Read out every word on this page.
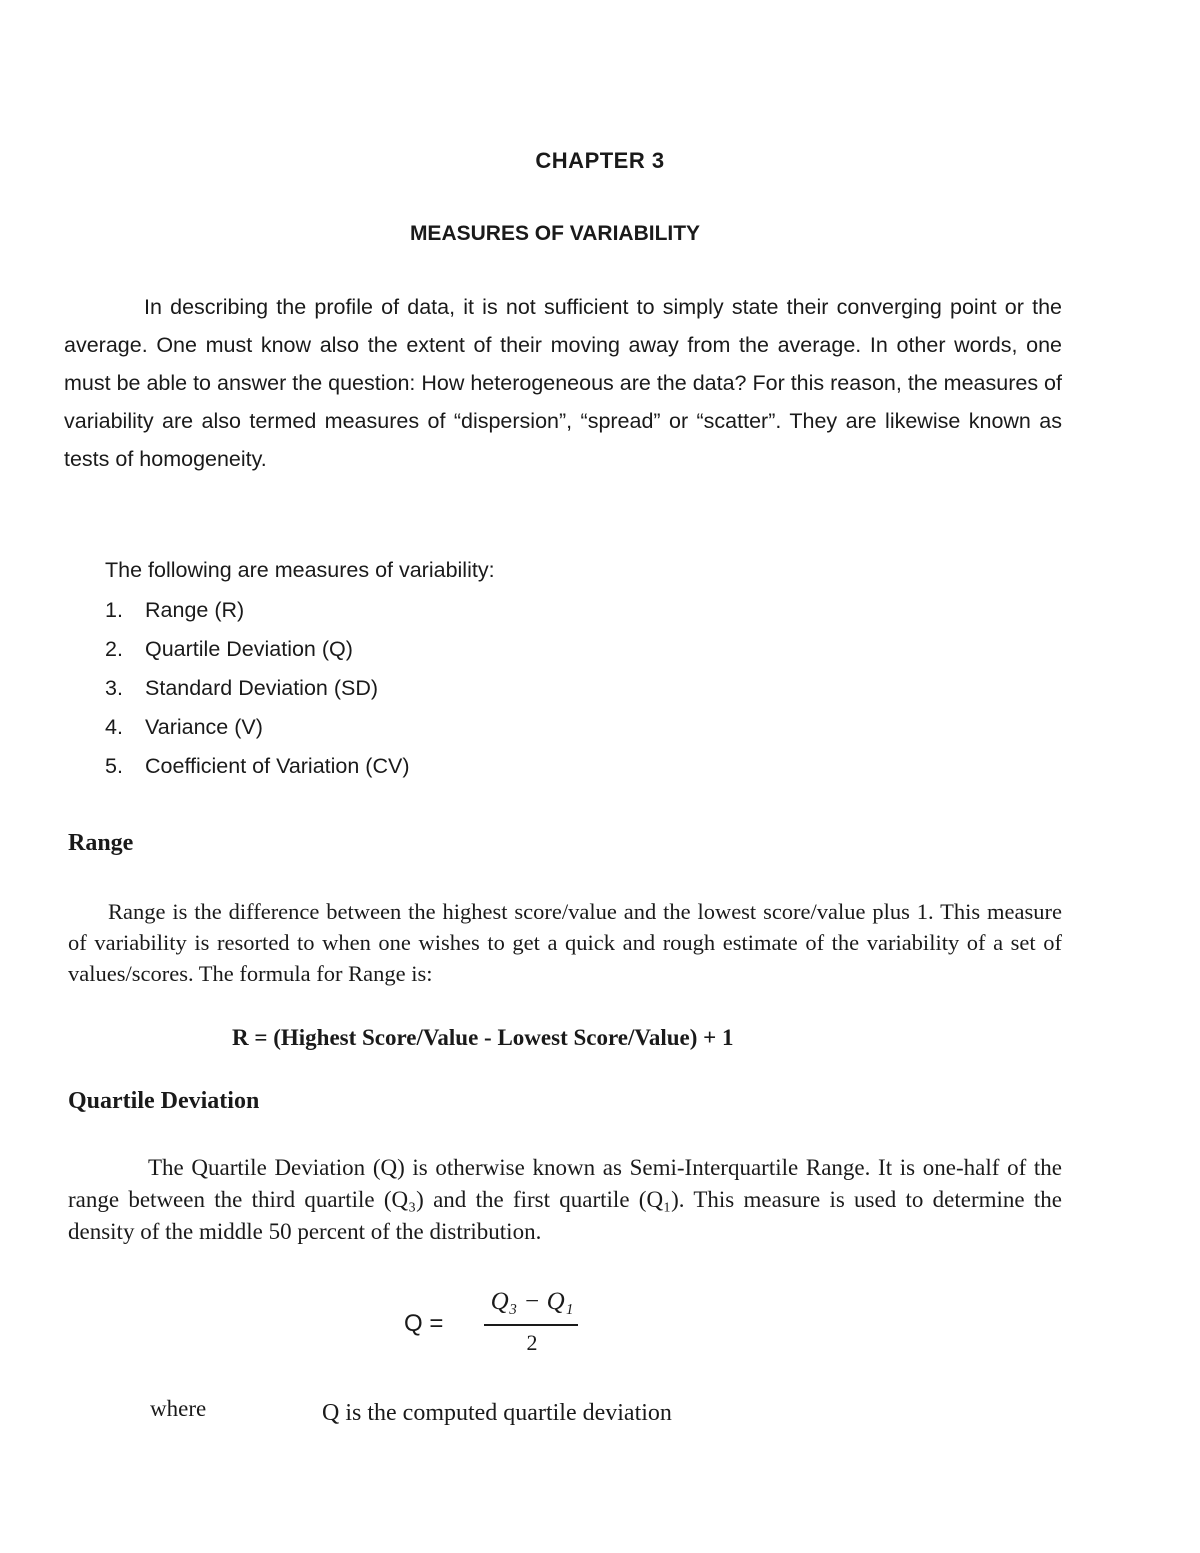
CHAPTER 3
MEASURES OF VARIABILITY
In describing the profile of data, it is not sufficient to simply state their converging point or the average. One must know also the extent of their moving away from the average. In other words, one must be able to answer the question: How heterogeneous are the data? For this reason, the measures of variability are also termed measures of “dispersion”, “spread” or “scatter”. They are likewise known as tests of homogeneity.
The following are measures of variability:
1. Range (R)
2. Quartile Deviation (Q)
3. Standard Deviation (SD)
4. Variance (V)
5. Coefficient of Variation (CV)
Range
Range is the difference between the highest score/value and the lowest score/value plus 1. This measure of variability is resorted to when one wishes to get a quick and rough estimate of the variability of a set of values/scores. The formula for Range is:
R = (Highest Score/Value - Lowest Score/Value) + 1
Quartile Deviation
The Quartile Deviation (Q) is otherwise known as Semi-Interquartile Range. It is one-half of the range between the third quartile (Q₃) and the first quartile (Q₁). This measure is used to determine the density of the middle 50 percent of the distribution.
Q =
Q₃ − Q₁
2
where	Q is the computed quartile deviation
